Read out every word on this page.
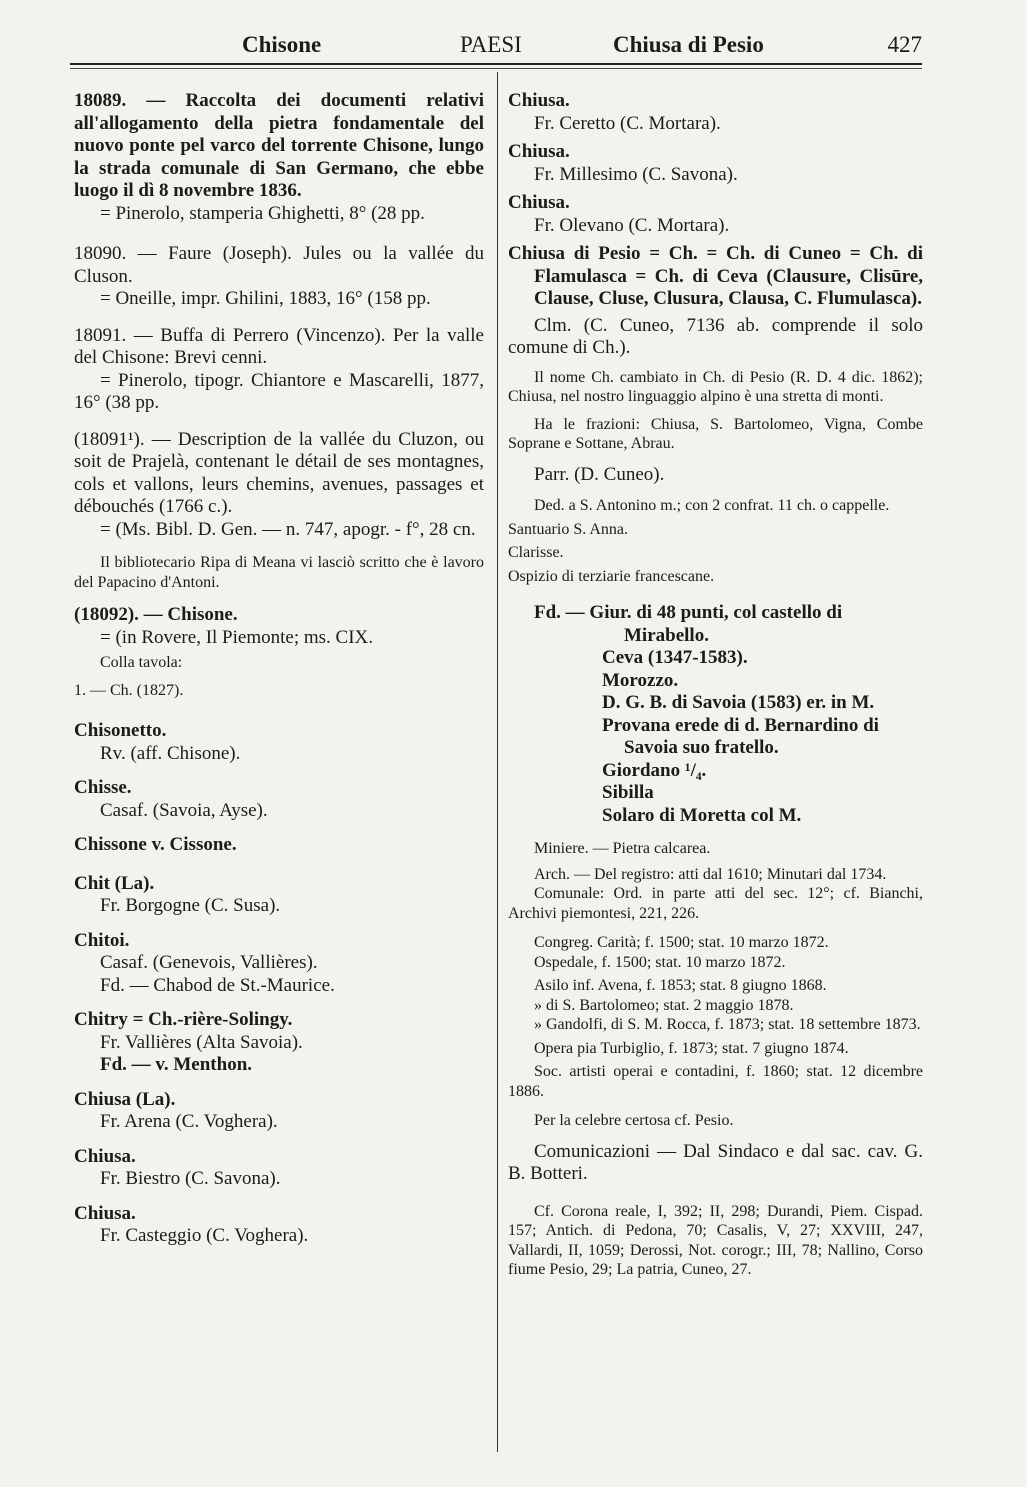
Chisone	PAESI	Chiusa di Pesio	427

18089. — Raccolta dei documenti relativi all'allogamento della pietra fondamentale del nuovo ponte pel varco del torrente Chisone, lungo la strada comunale di San Germano, che ebbe luogo il dì 8 novembre 1836.

= Pinerolo, stamperia Ghighetti, 8° (28 pp.

18090. — Faure (Joseph). Jules ou la vallée du Cluson.

= Oneille, impr. Ghilini, 1883, 16° (158 pp.

18091. — Buffa di Perrero (Vincenzo). Per la valle del Chisone: Brevi cenni.

= Pinerolo, tipogr. Chiantore e Mascarelli, 1877, 16° (38 pp.

(18091¹). — Description de la vallée du Cluzon, ou soit de Prajelà, contenant le détail de ses montagnes, cols et vallons, leurs chemins, avenues, passages et débouchés (1766 c.).

= (Ms. Bibl. D. Gen. — n. 747, apogr. - f°, 28 cn.

Il bibliotecario Ripa di Meana vi lasciò scritto che è lavoro del Papacino d'Antoni.

(18092). — Chisone.

= (in Rovere, Il Piemonte; ms. CIX.

Colla tavola:

1. — Ch. (1827).

Chisonetto.

Rv. (aff. Chisone).

Chisse.

Casaf. (Savoia, Ayse).

Chissone v. Cissone.

Chit (La).

Fr. Borgogne (C. Susa).

Chitoi.

Casaf. (Genevois, Vallières).

Fd. — Chabod de St.-Maurice.

Chitry = Ch.-rière-Solingy.

Fr. Vallières (Alta Savoia).

Fd. — v. Menthon.

Chiusa (La).

Fr. Arena (C. Voghera).

Chiusa.

Fr. Biestro (C. Savona).

Chiusa.

Fr. Casteggio (C. Voghera).

Chiusa.

Fr. Ceretto (C. Mortara).

Chiusa.

Fr. Millesimo (C. Savona).

Chiusa.

Fr. Olevano (C. Mortara).

Chiusa di Pesio = Ch. = Ch. di Cuneo = Ch. di Flamulasca = Ch. di Ceva (Clausure, Clisūre, Clause, Cluse, Clusura, Clausa, C. Flumulasca).

Clm. (C. Cuneo, 7136 ab. comprende il solo comune di Ch.).

Il nome Ch. cambiato in Ch. di Pesio (R. D. 4 dic. 1862); Chiusa, nel nostro linguaggio alpino è una stretta di monti.

Ha le frazioni: Chiusa, S. Bartolomeo, Vigna, Combe Soprane e Sottane, Abrau.

Parr. (D. Cuneo).

Ded. a S. Antonino m.; con 2 confrat. 11 ch. o cappelle.

Santuario S. Anna.

Clarisse.

Ospizio di terziarie francescane.

Fd. — Giur. di 48 punti, col castello di

Mirabello.

Ceva (1347-1583).

Morozzo.

D. G. B. di Savoia (1583) er. in M.

Provana erede di d. Bernardino di

Savoia suo fratello.

Giordano ¹/₄.

Sibilla

Solaro di Moretta col M.

Miniere. — Pietra calcarea.

Arch. — Del registro: atti dal 1610; Minutari dal 1734.

Comunale: Ord. in parte atti del sec. 12°; cf. Bianchi, Archivi piemontesi, 221, 226.

Congreg. Carità; f. 1500; stat. 10 marzo 1872.

Ospedale, f. 1500; stat. 10 marzo 1872.

Asilo inf. Avena, f. 1853; stat. 8 giugno 1868.

» di S. Bartolomeo; stat. 2 maggio 1878.

» Gandolfi, di S. M. Rocca, f. 1873; stat. 18 settembre 1873.

Opera pia Turbiglio, f. 1873; stat. 7 giugno 1874.

Soc. artisti operai e contadini, f. 1860; stat. 12 dicembre 1886.

Per la celebre certosa cf. Pesio.

Comunicazioni — Dal Sindaco e dal sac. cav. G. B. Botteri.

Cf. Corona reale, I, 392; II, 298; Durandi, Piem. Cispad. 157; Antich. di Pedona, 70; Casalis, V, 27; XXVIII, 247, Vallardi, II, 1059; Derossi, Not. corogr.; III, 78; Nallino, Corso fiume Pesio, 29; La patria, Cuneo, 27.
